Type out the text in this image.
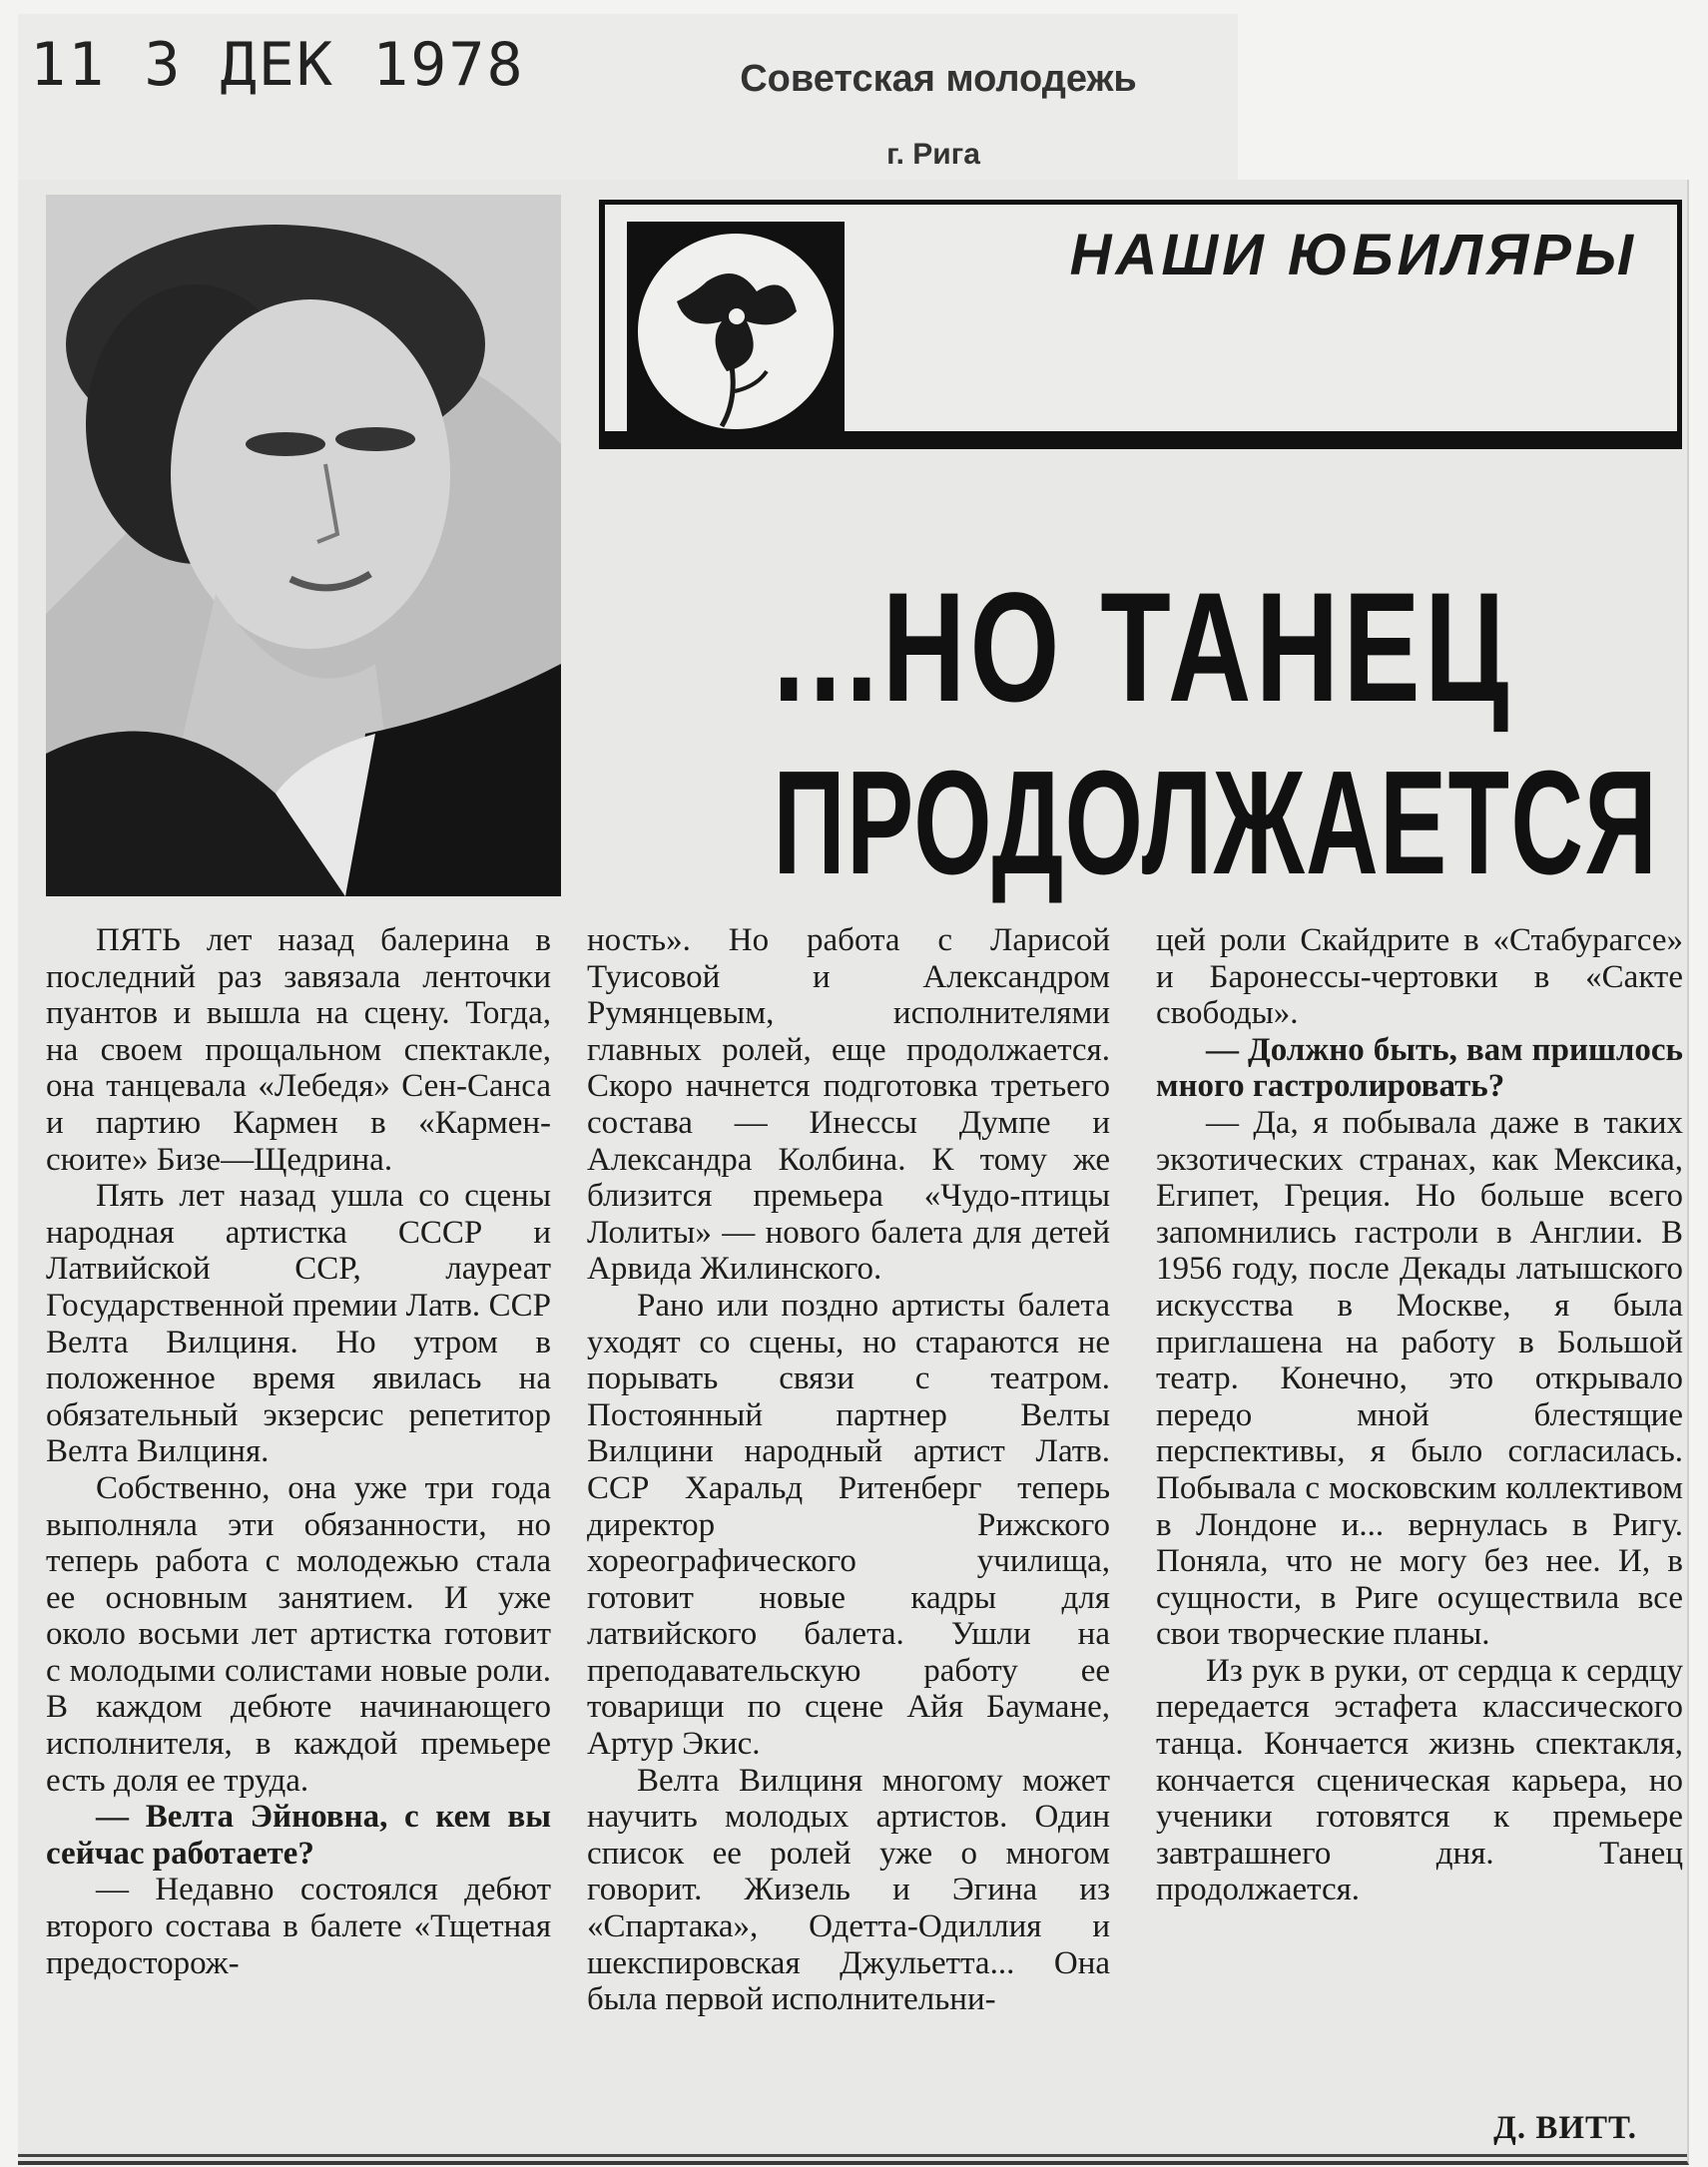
11 3 ДЕК 1978	Советская молодежь
г. Рига
НАШИ ЮБИЛЯРЫ
...НО ТАНЕЦ
ПРОДОЛЖАЕТСЯ

ПЯТЬ лет назад балерина в последний раз завязала ленточки пуантов и вышла на сцену. Тогда, на своем прощальном спектакле, она танцевала «Лебедя» Сен-Санса и партию Кармен в «Кармен-сюите» Бизе—Щедрина.

Пять лет назад ушла со сцены народная артистка СССР и Латвийской ССР, лауреат Государственной премии Латв. ССР Велта Вилциня. Но утром в положенное время явилась на обязательный экзерсис репетитор Велта Вилциня.

Собственно, она уже три года выполняла эти обязанности, но теперь работа с молодежью стала ее основным занятием. И уже около восьми лет артистка готовит с молодыми солистами новые роли. В каждом дебюте начинающего исполнителя, в каждой премьере есть доля ее труда.

— Велта Эйновна, с кем вы сейчас работаете?

— Недавно состоялся дебют второго состава в балете «Тщетная предосторож-

ность». Но работа с Ларисой Туисовой и Александром Румянцевым, исполнителями главных ролей, еще продолжается. Скоро начнется подготовка третьего состава — Инессы Думпе и Александра Колбина. К тому же близится премьера «Чудо-птицы Лолиты» — нового балета для детей Арвида Жилинского.

Рано или поздно артисты балета уходят со сцены, но стараются не порывать связи с театром. Постоянный партнер Велты Вилцини народный артист Латв. ССР Харальд Ритенберг теперь директор Рижского хореографического училища, готовит новые кадры для латвийского балета. Ушли на преподавательскую работу ее товарищи по сцене Айя Баумане, Артур Экис.

Велта Вилциня многому может научить молодых артистов. Один список ее ролей уже о многом говорит. Жизель и Эгина из «Спартака», Одетта-Одиллия и шекспировская Джульетта... Она была первой исполнительни-

цей роли Скайдрите в «Стабурагсе» и Баронессы-чертовки в «Сакте свободы».

— Должно быть, вам пришлось много гастролировать?

— Да, я побывала даже в таких экзотических странах, как Мексика, Египет, Греция. Но больше всего запомнились гастроли в Англии. В 1956 году, после Декады латышского искусства в Москве, я была приглашена на работу в Большой театр. Конечно, это открывало передо мной блестящие перспективы, я было согласилась. Побывала с московским коллективом в Лондоне и... вернулась в Ригу. Поняла, что не могу без нее. И, в сущности, в Риге осуществила все свои творческие планы.

Из рук в руки, от сердца к сердцу передается эстафета классического танца. Кончается жизнь спектакля, кончается сценическая карьера, но ученики готовятся к премьере завтрашнего дня. Танец продолжается.

Д. ВИТТ.
